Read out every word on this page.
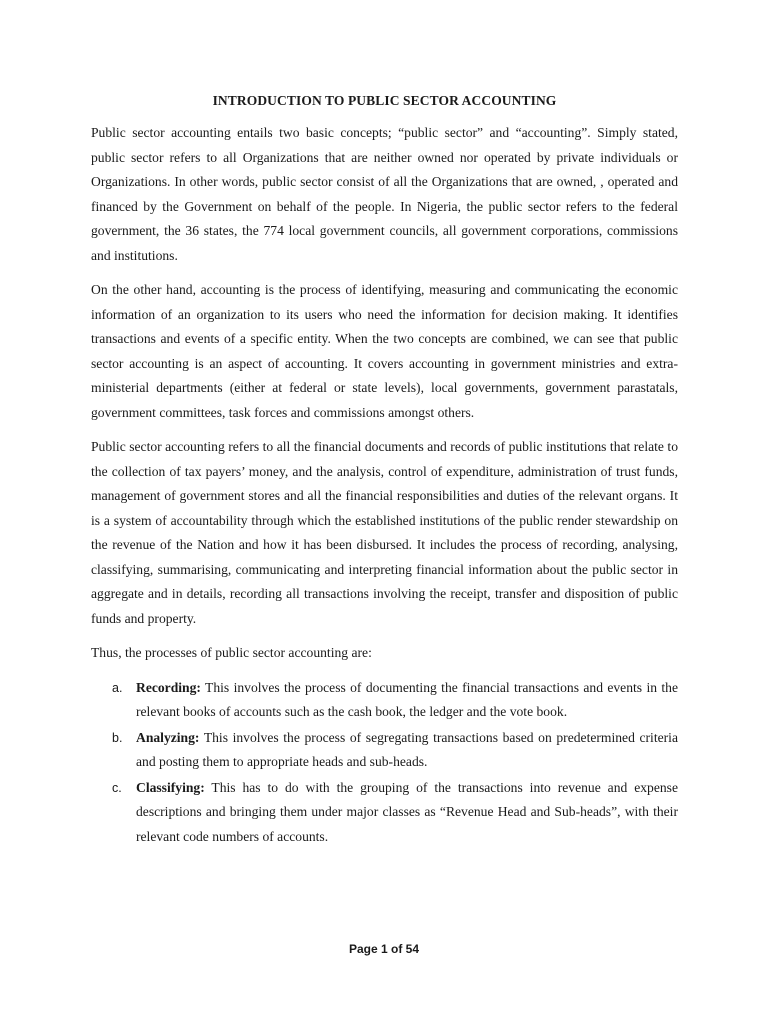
INTRODUCTION TO PUBLIC SECTOR ACCOUNTING

Public sector accounting entails two basic concepts; “public sector” and “accounting”. Simply stated, public sector refers to all Organizations that are neither owned nor operated by private individuals or Organizations. In other words, public sector consist of all the Organizations that are owned, , operated and financed by the Government on behalf of the people. In Nigeria, the public sector refers to the federal government, the 36 states, the 774 local government councils, all government corporations, commissions and institutions.

On the other hand, accounting is the process of identifying, measuring and communicating the economic information of an organization to its users who need the information for decision making. It identifies transactions and events of a specific entity. When the two concepts are combined, we can see that public sector accounting is an aspect of accounting. It covers accounting in government ministries and extra-ministerial departments (either at federal or state levels), local governments, government parastatals, government committees, task forces and commissions amongst others.

Public sector accounting refers to all the financial documents and records of public institutions that relate to the collection of tax payers’ money, and the analysis, control of expenditure, administration of trust funds, management of government stores and all the financial responsibilities and duties of the relevant organs. It is a system of accountability through which the established institutions of the public render stewardship on the revenue of the Nation and how it has been disbursed. It includes the process of recording, analysing, classifying, summarising, communicating and interpreting financial information about the public sector in aggregate and in details, recording all transactions involving the receipt, transfer and disposition of public funds and property.

Thus, the processes of public sector accounting are:

a. Recording: This involves the process of documenting the financial transactions and events in the relevant books of accounts such as the cash book, the ledger and the vote book.
b. Analyzing: This involves the process of segregating transactions based on predetermined criteria and posting them to appropriate heads and sub-heads.
c. Classifying: This has to do with the grouping of the transactions into revenue and expense descriptions and bringing them under major classes as “Revenue Head and Sub-heads”, with their relevant code numbers of accounts.
Page 1 of 54
